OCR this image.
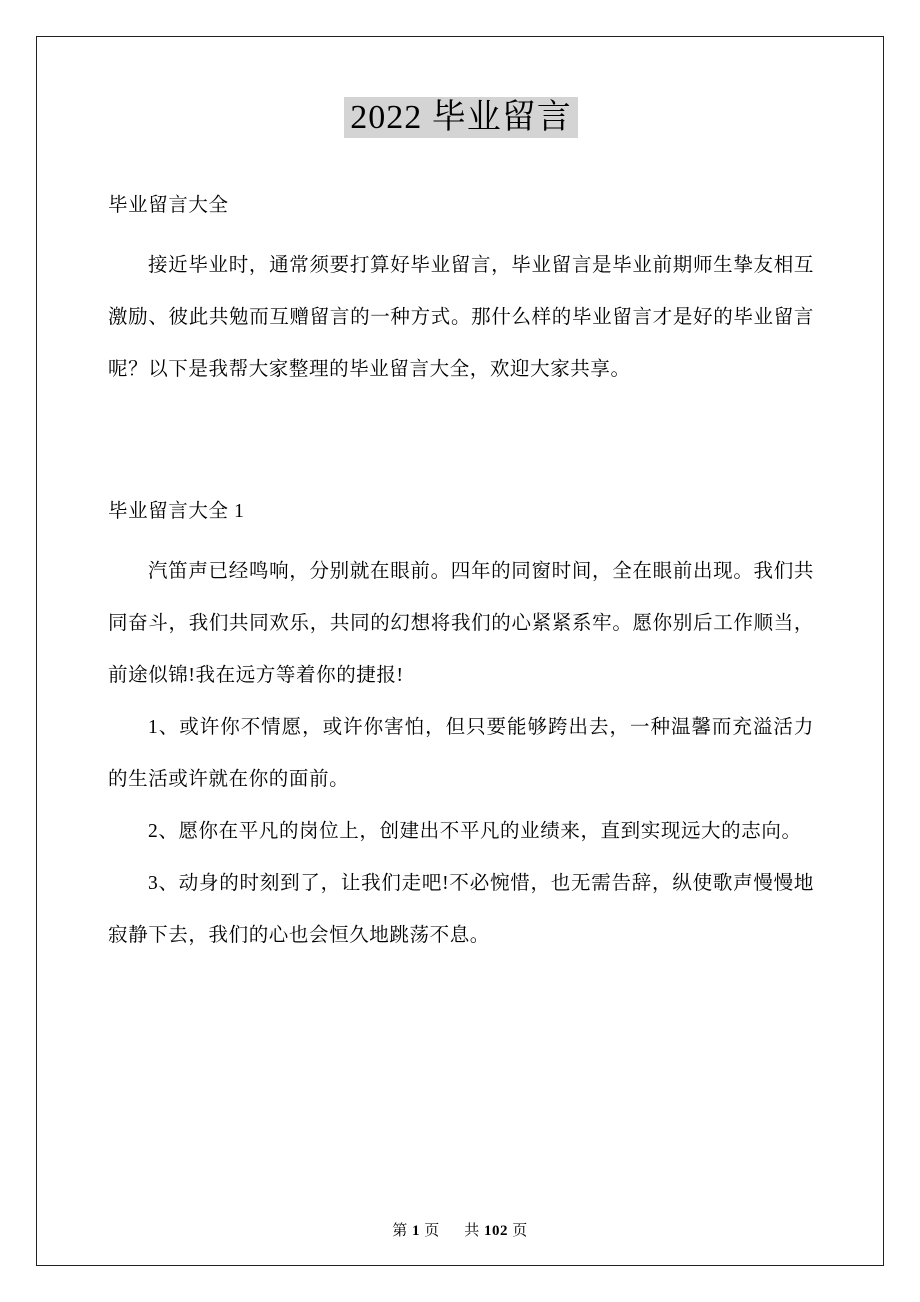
2022 毕业留言

毕业留言大全

接近毕业时，通常须要打算好毕业留言，毕业留言是毕业前期师生挚友相互激励、彼此共勉而互赠留言的一种方式。那什么样的毕业留言才是好的毕业留言呢？以下是我帮大家整理的毕业留言大全，欢迎大家共享。

毕业留言大全 1

汽笛声已经鸣响，分别就在眼前。四年的同窗时间，全在眼前出现。我们共同奋斗，我们共同欢乐，共同的幻想将我们的心紧紧系牢。愿你别后工作顺当，前途似锦!我在远方等着你的捷报!

1、或许你不情愿，或许你害怕，但只要能够跨出去，一种温馨而充溢活力的生活或许就在你的面前。

2、愿你在平凡的岗位上，创建出不平凡的业绩来，直到实现远大的志向。

3、动身的时刻到了，让我们走吧!不必惋惜，也无需告辞，纵使歌声慢慢地寂静下去，我们的心也会恒久地跳荡不息。

第 1 页 共 102 页
